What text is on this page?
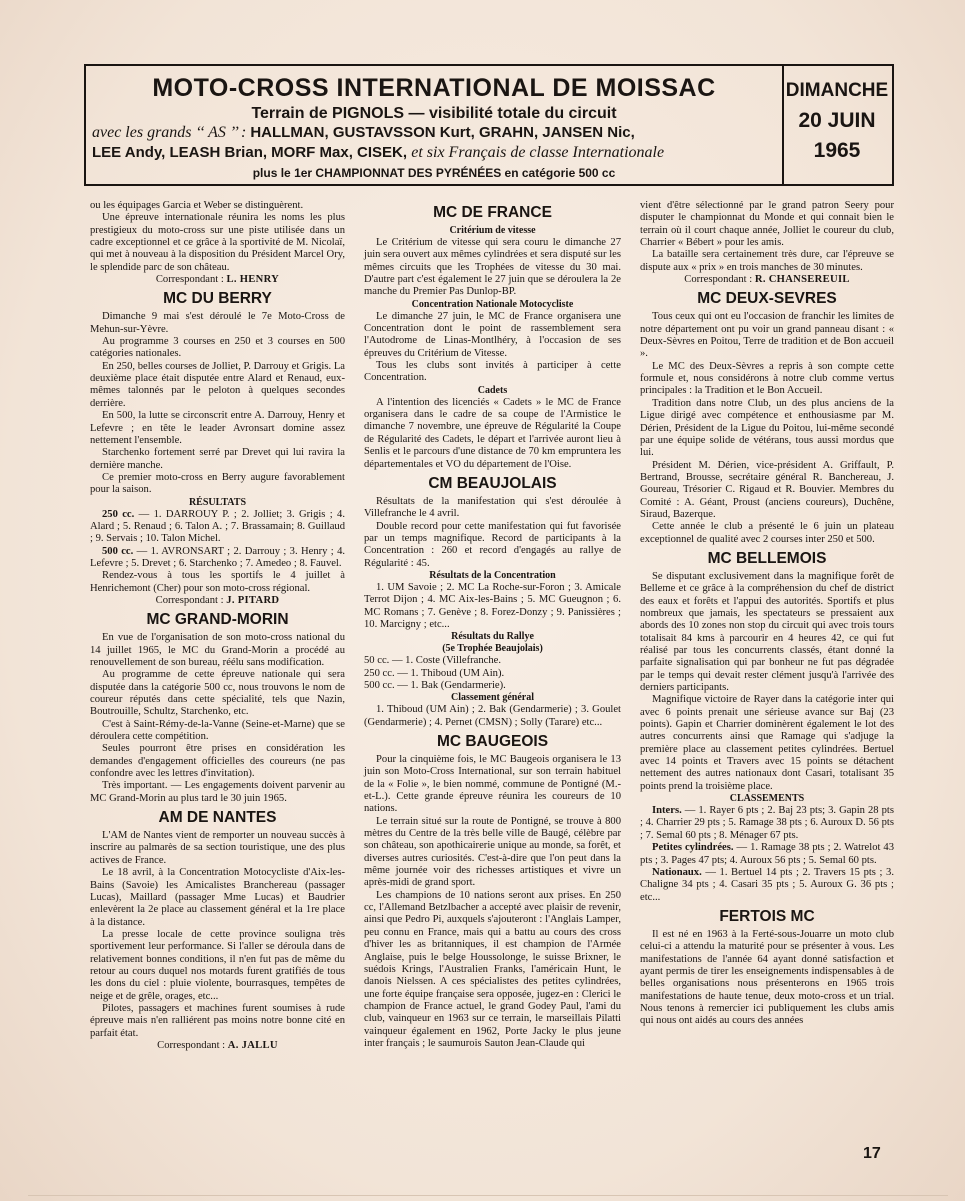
MOTO-CROSS INTERNATIONAL DE MOISSAC
Terrain de PIGNOLS — visibilité totale du circuit
avec les grands ‘‘ AS ’’ : HALLMAN, GUSTAVSSON Kurt, GRAHN, JANSEN Nic,
LEE Andy, LEASH Brian, MORF Max, CISEK, et six Français de classe Internationale
plus le 1er CHAMPIONNAT DES PYRÉNÉES en catégorie 500 cc
DIMANCHE
20 JUIN
1965

ou les équipages Garcia et Weber se distinguèrent.

Une épreuve internationale réunira les noms les plus prestigieux du moto-cross sur une piste utilisée dans un cadre exceptionnel et ce grâce à la sportivité de M. Nicolaï, qui met à nouveau à la disposition du Président Marcel Ory, le splendide parc de son château.

Correspondant : L. HENRY
MC DU BERRY

Dimanche 9 mai s'est déroulé le 7e Moto-Cross de Mehun-sur-Yèvre.

Au programme 3 courses en 250 et 3 courses en 500 catégories nationales.

En 250, belles courses de Jolliet, P. Darrouy et Grigis. La deuxième place était disputée entre Alard et Renaud, eux-mêmes talonnés par le peloton à quelques secondes derrière.

En 500, la lutte se circonscrit entre A. Darrouy, Henry et Lefevre ; en tête le leader Avronsart domine assez nettement l'ensemble.

Starchenko fortement serré par Drevet qui lui ravira la dernière manche.

Ce premier moto-cross en Berry augure favorablement pour la saison.

RÉSULTATS

250 cc. — 1. DARROUY P. ; 2. Jolliet; 3. Grigis ; 4. Alard ; 5. Renaud ; 6. Talon A. ; 7. Brassamain; 8. Guillaud ; 9. Servais ; 10. Talon Michel.

500 cc. — 1. AVRONSART ; 2. Darrouy ; 3. Henry ; 4. Lefevre ; 5. Drevet ; 6. Starchenko ; 7. Amedeo ; 8. Fauvel.

Rendez-vous à tous les sportifs le 4 juillet à Henrichemont (Cher) pour son moto-cross régional.

Correspondant : J. PITARD
MC GRAND-MORIN

En vue de l'organisation de son moto-cross national du 14 juillet 1965, le MC du Grand-Morin a procédé au renouvellement de son bureau, réélu sans modification.

Au programme de cette épreuve nationale qui sera disputée dans la catégorie 500 cc, nous trouvons le nom de coureur réputés dans cette spécialité, tels que Nazin, Boutrouille, Schultz, Starchenko, etc.

C'est à Saint-Rémy-de-la-Vanne (Seine-et-Marne) que se déroulera cette compétition.

Seules pourront être prises en considération les demandes d'engagement officielles des coureurs (ne pas confondre avec les lettres d'invitation).

Très important. — Les engagements doivent parvenir au MC Grand-Morin au plus tard le 30 juin 1965.

AM DE NANTES

L'AM de Nantes vient de remporter un nouveau succès à inscrire au palmarès de sa section touristique, une des plus actives de France.

Le 18 avril, à la Concentration Motocycliste d'Aix-les-Bains (Savoie) les Amicalistes Branchereau (passager Lucas), Maillard (passager Mme Lucas) et Baudrier enlevèrent la 2e place au classement général et la 1re place à la distance.

La presse locale de cette province souligna très sportivement leur performance. Si l'aller se déroula dans de relativement bonnes conditions, il n'en fut pas de même du retour au cours duquel nos motards furent gratifiés de tous les dons du ciel : pluie violente, bourrasques, tempêtes de neige et de grêle, orages, etc...

Pilotes, passagers et machines furent soumises à rude épreuve mais n'en ralliérent pas moins notre bonne cité en parfait état.

Correspondant : A. JALLU
MC DE FRANCE
Critérium de vitesse

Le Critérium de vitesse qui sera couru le dimanche 27 juin sera ouvert aux mêmes cylindrées et sera disputé sur les mêmes circuits que les Trophées de vitesse du 30 mai. D'autre part c'est également le 27 juin que se déroulera la 2e manche du Premier Pas Dunlop-BP.

Concentration Nationale Motocycliste

Le dimanche 27 juin, le MC de France organisera une Concentration dont le point de rassemblement sera l'Autodrome de Linas-Montlhéry, à l'occasion de ses épreuves du Critérium de Vitesse.

Tous les clubs sont invités à participer à cette Concentration.

Cadets

A l'intention des licenciés « Cadets » le MC de France organisera dans le cadre de sa coupe de l'Armistice le dimanche 7 novembre, une épreuve de Régularité la Coupe de Régularité des Cadets, le départ et l'arrivée auront lieu à Senlis et le parcours d'une distance de 70 km empruntera les départementales et VO du département de l'Oise.

CM BEAUJOLAIS

Résultats de la manifestation qui s'est déroulée à Villefranche le 4 avril.

Double record pour cette manifestation qui fut favorisée par un temps magnifique. Record de participants à la Concentration : 260 et record d'engagés au rallye de Régularité : 45.

Résultats de la Concentration

1. UM Savoie ; 2. MC La Roche-sur-Foron ; 3. Amicale Terrot Dijon ; 4. MC Aix-les-Bains ; 5. MC Gueugnon ; 6. MC Romans ; 7. Genève ; 8. Forez-Donzy ; 9. Panissières ; 10. Marcigny ; etc...

Résultats du Rallye
(5e Trophée Beaujolais)

50 cc. — 1. Coste (Villefranche.

250 cc. — 1. Thiboud (UM Ain).

500 cc. — 1. Bak (Gendarmerie).

Classement général

1. Thiboud (UM Ain) ; 2. Bak (Gendarmerie) ; 3. Goulet (Gendarmerie) ; 4. Pernet (CMSN) ; Solly (Tarare) etc...

MC BAUGEOIS

Pour la cinquième fois, le MC Baugeois organisera le 13 juin son Moto-Cross International, sur son terrain habituel de la « Folie », le bien nommé, commune de Pontigné (M.-et-L.). Cette grande épreuve réunira les coureurs de 10 nations.

Le terrain situé sur la route de Pontigné, se trouve à 800 mètres du Centre de la très belle ville de Baugé, célèbre par son château, son apothicairerie unique au monde, sa forêt, et diverses autres curiosités. C'est-à-dire que l'on peut dans la même journée voir des richesses artistiques et vivre un après-midi de grand sport.

Les champions de 10 nations seront aux prises. En 250 cc, l'Allemand Betzlbacher a accepté avec plaisir de revenir, ainsi que Pedro Pi, auxquels s'ajouteront : l'Anglais Lamper, peu connu en France, mais qui a battu au cours des cross d'hiver les as britanniques, il est champion de l'Armée Anglaise, puis le belge Houssolonge, le suisse Brixner, le suédois Krings, l'Australien Franks, l'américain Hunt, le danois Nielssen. A ces spécialistes des petites cylindrées, une forte équipe française sera opposée, jugez-en : Clerici le champion de France actuel, le grand Godey Paul, l'ami du club, vainqueur en 1963 sur ce terrain, le marseillais Pilatti vainqueur également en 1962, Porte Jacky le plus jeune inter français ; le saumurois Sauton Jean-Claude qui

vient d'être sélectionné par le grand patron Seery pour disputer le championnat du Monde et qui connait bien le terrain où il court chaque année, Jolliet le coureur du club, Charrier « Bébert » pour les amis.

La bataille sera certainement très dure, car l'épreuve se dispute aux « prix » en trois manches de 30 minutes.

Correspondant : R. CHANSEREUIL
MC DEUX-SEVRES

Tous ceux qui ont eu l'occasion de franchir les limites de notre département ont pu voir un grand panneau disant : « Deux-Sèvres en Poitou, Terre de tradition et de Bon accueil ».

Le MC des Deux-Sèvres a repris à son compte cette formule et, nous considérons à notre club comme vertus principales : la Tradition et le Bon Accueil.

Tradition dans notre Club, un des plus anciens de la Ligue dirigé avec compétence et enthousiasme par M. Dérien, Président de la Ligue du Poitou, lui-même secondé par une équipe solide de vétérans, tous aussi mordus que lui.

Président M. Dérien, vice-président A. Griffault, P. Bertrand, Brousse, secrétaire général R. Banchereau, J. Goureau, Trésorier C. Rigaud et R. Bouvier. Membres du Comité : A. Géant, Proust (anciens coureurs), Duchêne, Siraud, Bazerque.

Cette année le club a présenté le 6 juin un plateau exceptionnel de qualité avec 2 courses inter 250 et 500.

MC BELLEMOIS

Se disputant exclusivement dans la magnifique forêt de Belleme et ce grâce à la compréhension du chef de district des eaux et forêts et l'appui des autorités. Sportifs et plus nombreux que jamais, les spectateurs se pressaient aux abords des 10 zones non stop du circuit qui avec trois tours totalisait 84 kms à parcourir en 4 heures 42, ce qui fut réalisé par tous les concurrents classés, étant donné la parfaite signalisation qui par bonheur ne fut pas dégradée par le temps qui devait rester clément jusqu'à l'arrivée des derniers participants.

Magnifique victoire de Rayer dans la catégorie inter qui avec 6 points prenait une sérieuse avance sur Baj (23 points). Gapin et Charrier dominèrent également le lot des autres concurrents ainsi que Ramage qui s'adjuge la première place au classement petites cylindrées. Bertuel avec 14 points et Travers avec 15 points se détachent nettement des autres nationaux dont Casari, totalisant 35 points prend la troisième place.

CLASSEMENTS

Inters. — 1. Rayer 6 pts ; 2. Baj 23 pts; 3. Gapin 28 pts ; 4. Charrier 29 pts ; 5. Ramage 38 pts ; 6. Auroux D. 56 pts ; 7. Semal 60 pts ; 8. Ménager 67 pts.

Petites cylindrées. — 1. Ramage 38 pts ; 2. Watrelot 43 pts ; 3. Pages 47 pts; 4. Auroux 56 pts ; 5. Semal 60 pts.

Nationaux. — 1. Bertuel 14 pts ; 2. Travers 15 pts ; 3. Chaligne 34 pts ; 4. Casari 35 pts ; 5. Auroux G. 36 pts ; etc...

FERTOIS MC

Il est né en 1963 à la Ferté-sous-Jouarre un moto club celui-ci a attendu la maturité pour se présenter à vous. Les manifestations de l'année 64 ayant donné satisfaction et ayant permis de tirer les enseignements indispensables à de belles organisations nous présenterons en 1965 trois manifestations de haute tenue, deux moto-cross et un trial. Nous tenons à remercier ici publiquement les clubs amis qui nous ont aidés au cours des années

17
